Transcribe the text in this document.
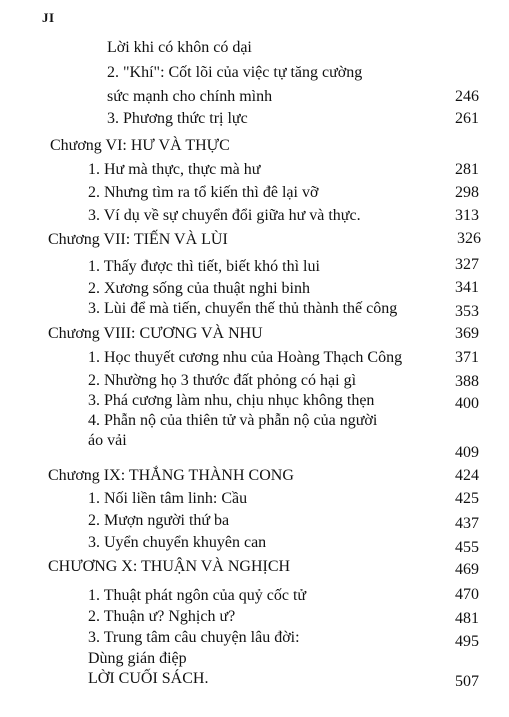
JI
Lời khi có khôn có dại
2. "Khí": Cốt lõi của việc tự tăng cường
sức mạnh cho chính mình	246
3. Phương thức trị lực	261
Chương VI: HƯ VÀ THỰC
1. Hư mà thực, thực mà hư	281
2. Nhưng tìm ra tổ kiến thì đê lại vỡ	298
3. Ví dụ về sự chuyển đổi giữa hư và thực.	313
Chương VII: TIẾN VÀ LÙI	326
1. Thấy được thì tiết, biết khó thì lui	327
2. Xương sống của thuật nghi binh	341
3. Lùi để mà tiến, chuyển thế thủ thành thế công	353
Chương VIII: CƯƠNG VÀ NHU	369
1. Học thuyết cương nhu của Hoàng Thạch Công	371
2. Nhường họ 3 thước đất phỏng có hại gì	388
3. Phá cương làm nhu, chịu nhục không thẹn	400
4. Phẫn nộ của thiên tử và phẫn nộ của người
áo vải
409
Chương IX: THẮNG THÀNH CONG	424
1. Nối liền tâm linh: Cầu	425
2. Mượn người thứ ba	437
3. Uyển chuyển khuyên can	455
CHƯƠNG X: THUẬN VÀ NGHỊCH	469
1. Thuật phát ngôn của quỷ cốc tử	470
2. Thuận ư? Nghịch ư?	481
3. Trung tâm câu chuyện lâu đời:	495
Dùng gián điệp
LỜI CUỐI SÁCH.	507
